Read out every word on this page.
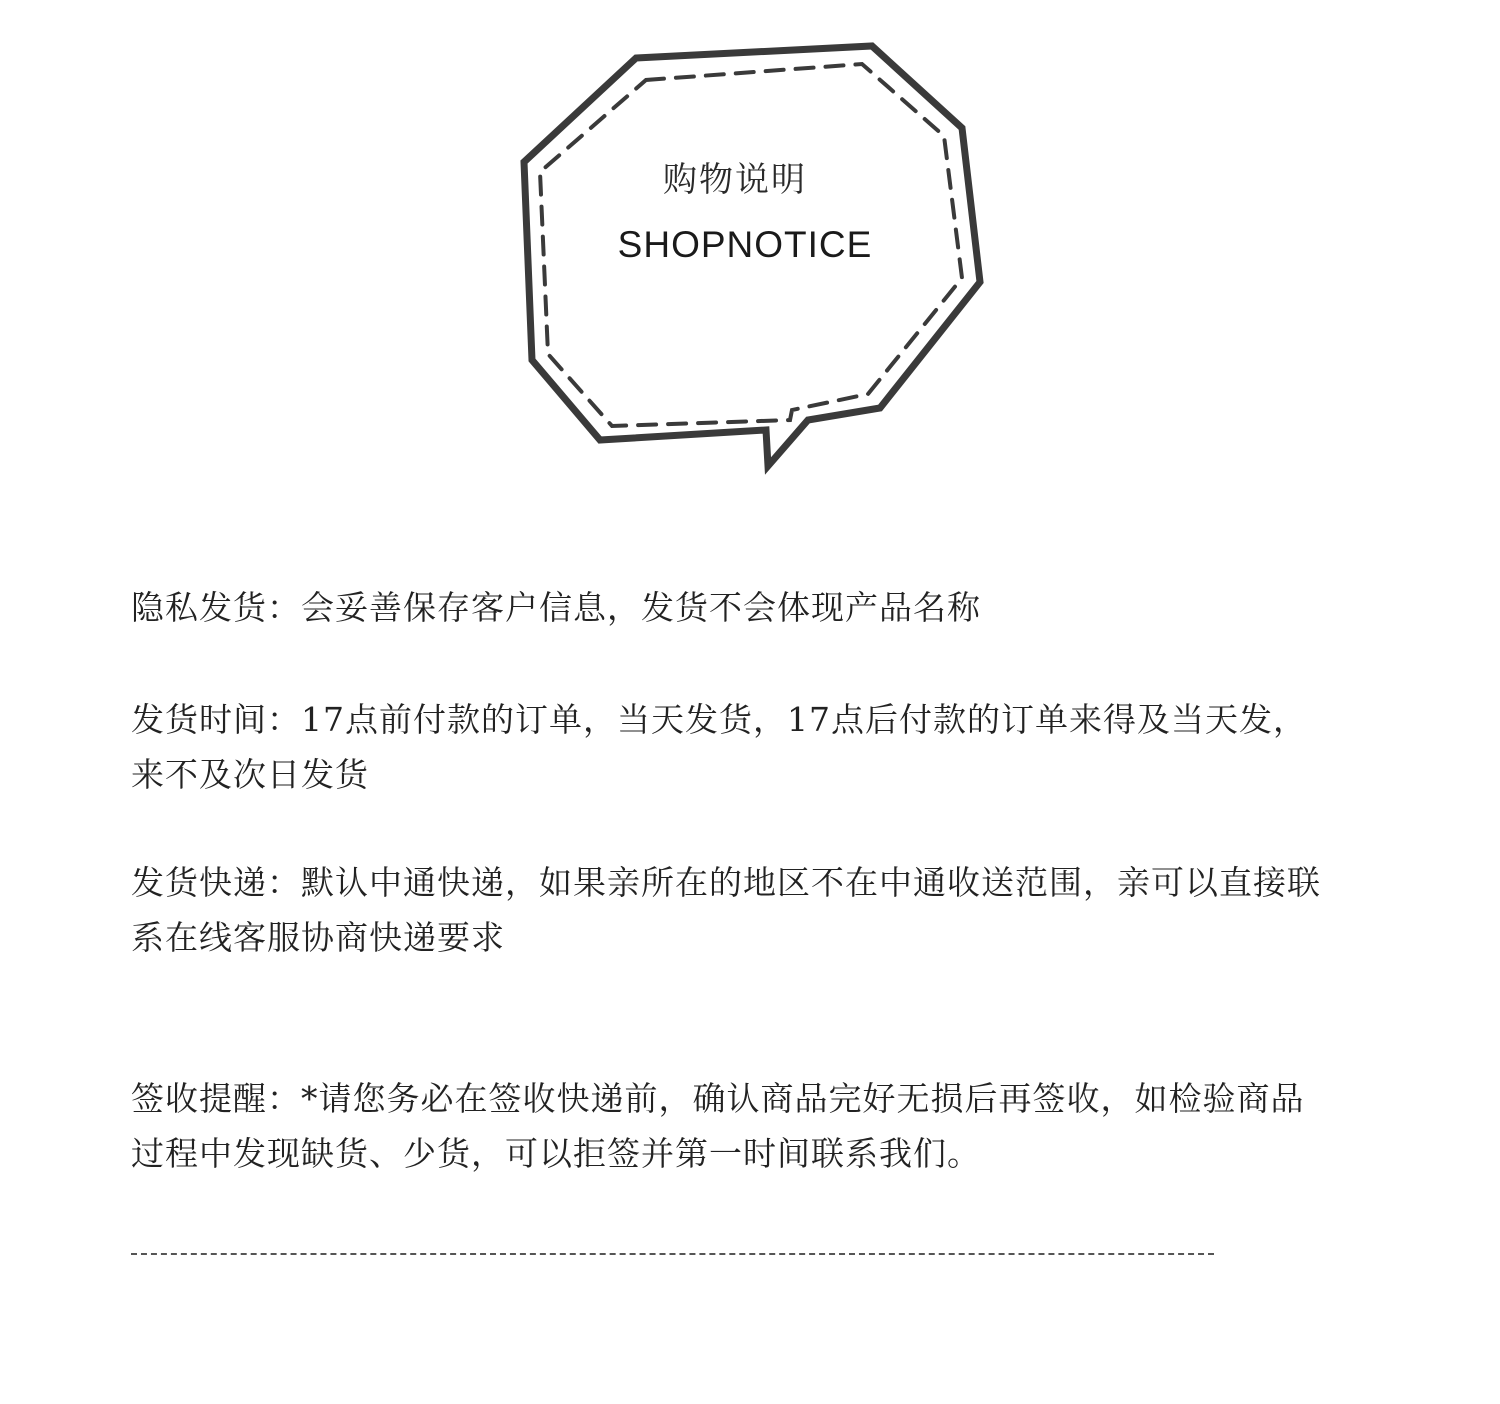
购物说明
SHOPNOTICE
隐私发货：会妥善保存客户信息，发货不会体现产品名称
发货时间：17点前付款的订单，当天发货，17点后付款的订单来得及当天发，来不及次日发货
发货快递：默认中通快递，如果亲所在的地区不在中通收送范围，亲可以直接联系在线客服协商快递要求
签收提醒：*请您务必在签收快递前，确认商品完好无损后再签收，如检验商品过程中发现缺货、少货，可以拒签并第一时间联系我们。
